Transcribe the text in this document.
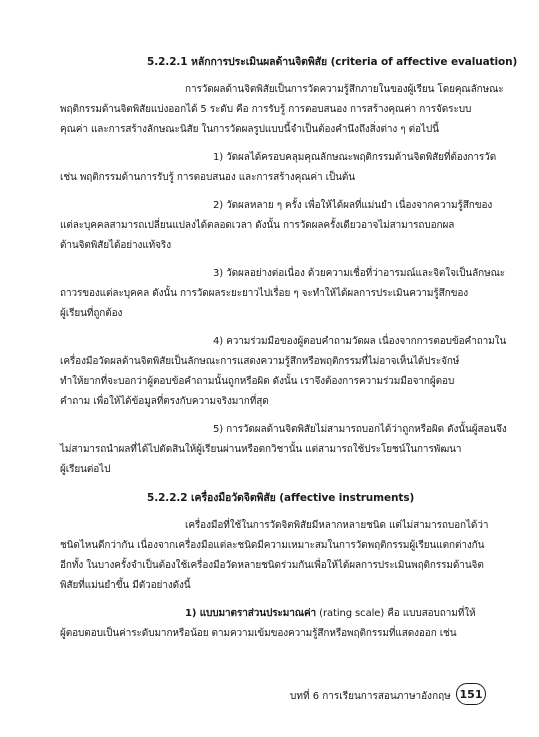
5.2.2.1 หลักการประเมินผลด้านจิตพิสัย (criteria of affective evaluation)
การวัดผลด้านจิตพิสัยเป็นการวัดความรู้สึกภายในของผู้เรียน โดยคุณลักษณะ
พฤติกรรมด้านจิตพิสัยแบ่งออกได้ 5 ระดับ คือ การรับรู้ การตอบสนอง การสร้างคุณค่า การจัดระบบ
คุณค่า และการสร้างลักษณะนิสัย ในการวัดผลรูปแบบนี้จำเป็นต้องคำนึงถึงสิ่งต่าง ๆ ต่อไปนี้
1) วัดผลได้ครอบคลุมคุณลักษณะพฤติกรรมด้านจิตพิสัยที่ต้องการวัด
เช่น พฤติกรรมด้านการรับรู้ การตอบสนอง และการสร้างคุณค่า เป็นต้น
2) วัดผลหลาย ๆ ครั้ง เพื่อให้ได้ผลที่แม่นยำ เนื่องจากความรู้สึกของ
แต่ละบุคคลสามารถเปลี่ยนแปลงได้ตลอดเวลา ดังนั้น การวัดผลครั้งเดียวอาจไม่สามารถบอกผล
ด้านจิตพิสัยได้อย่างแท้จริง
3) วัดผลอย่างต่อเนื่อง ด้วยความเชื่อที่ว่าอารมณ์และจิตใจเป็นลักษณะ
ถาวรของแต่ละบุคคล ดังนั้น การวัดผลระยะยาวไปเรื่อย ๆ จะทำให้ได้ผลการประเมินความรู้สึกของ
ผู้เรียนที่ถูกต้อง
4) ความร่วมมือของผู้ตอบคำถามวัดผล เนื่องจากการตอบข้อคำถามใน
เครื่องมือวัดผลด้านจิตพิสัยเป็นลักษณะการแสดงความรู้สึกหรือพฤติกรรมที่ไม่อาจเห็นได้ประจักษ์
ทำให้ยากที่จะบอกว่าผู้ตอบข้อคำถามนั้นถูกหรือผิด ดังนั้น เราจึงต้องการความร่วมมือจากผู้ตอบ
คำถาม เพื่อให้ได้ข้อมูลที่ตรงกับความจริงมากที่สุด
5) การวัดผลด้านจิตพิสัยไม่สามารถบอกได้ว่าถูกหรือผิด ดังนั้นผู้สอนจึง
ไม่สามารถนำผลที่ได้ไปตัดสินให้ผู้เรียนผ่านหรือตกวิชานั้น แต่สามารถใช้ประโยชน์ในการพัฒนา
ผู้เรียนต่อไป
5.2.2.2 เครื่องมือวัดจิตพิสัย (affective instruments)
เครื่องมือที่ใช้ในการวัดจิตพิสัยมีหลากหลายชนิด แต่ไม่สามารถบอกได้ว่า
ชนิดไหนดีกว่ากัน เนื่องจากเครื่องมือแต่ละชนิดมีความเหมาะสมในการวัดพฤติกรรมผู้เรียนแตกต่างกัน
อีกทั้ง ในบางครั้งจำเป็นต้องใช้เครื่องมือวัดหลายชนิดร่วมกันเพื่อให้ได้ผลการประเมินพฤติกรรมด้านจิต
พิสัยที่แม่นยำขึ้น มีตัวอย่างดังนี้
1) แบบมาตราส่วนประมาณค่า (rating scale) คือ แบบสอบถามที่ให้
ผู้ตอบตอบเป็นค่าระดับมากหรือน้อย ตามความเข้มของความรู้สึกหรือพฤติกรรมที่แสดงออก เช่น
บทที่ 6 การเรียนการสอนภาษาอังกฤษ 151
